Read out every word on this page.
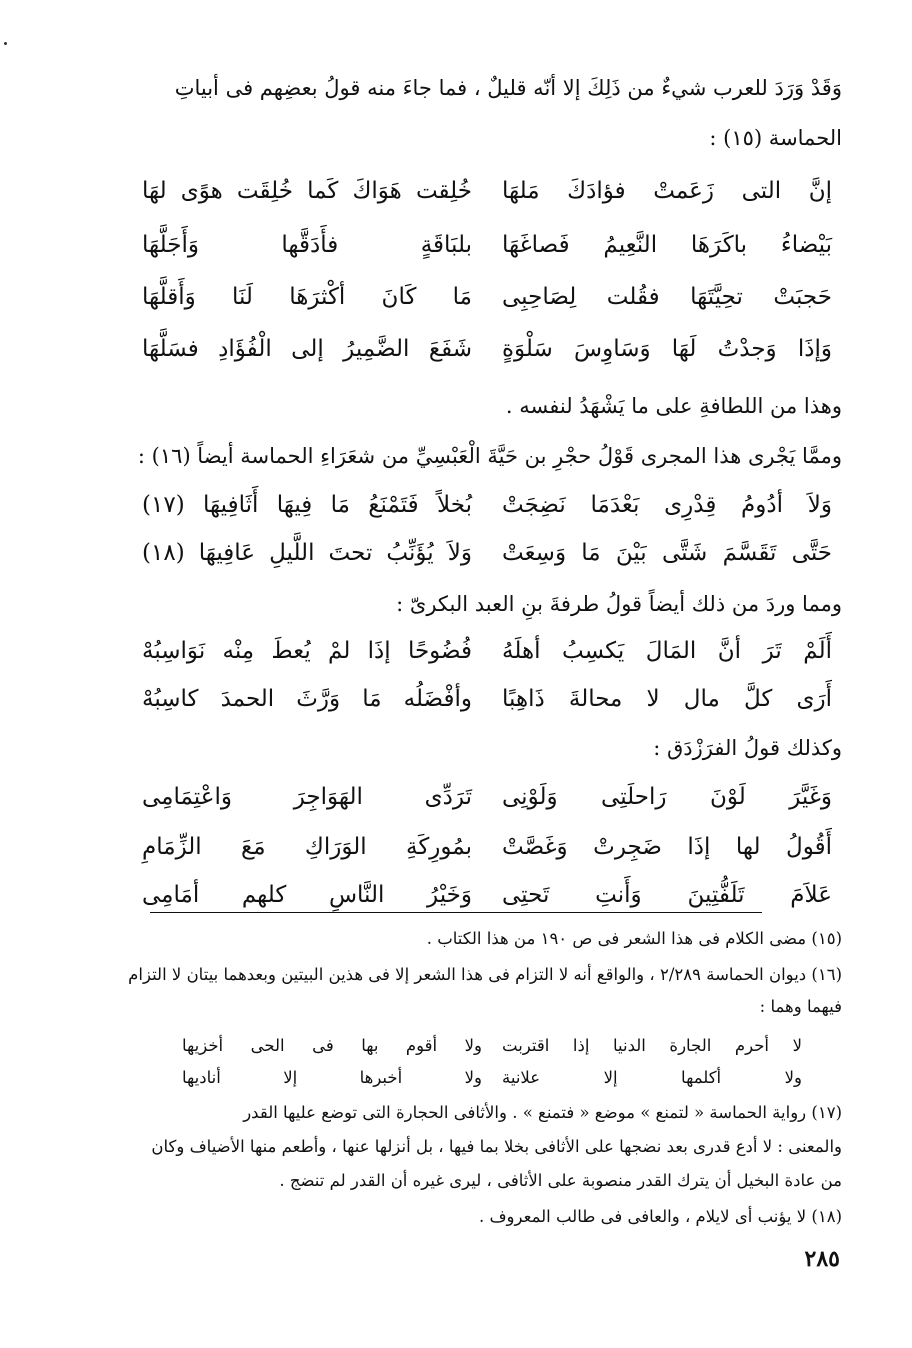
وَقَدْ وَرَدَ للعرب شيءٌ من ذَلِكَ إلا أنّه قليلٌ ، فما جاءَ منه قولُ بعضِهم فى أبياتِ
الحماسة (١٥) :
إنَّ التى زَعَمتْ فؤادَكَ مَلهَا
خُلِقت هَوَاكَ كَما خُلِقَت هوًى لهَا
بَيْضاءُ باكَرَهَا النَّعِيمُ فَصاغَهَا
بلبَاقَةٍ فأَدَقَّها وَأَجَلَّهَا
حَجبَتْ تحِيَّتَهَا فقُلت لِصَاحِبِى
مَا كَانَ أكْثرَهَا لَنَا وَأَقلَّهَا
وَإذَا وَجدْتُ لَهَا وَسَاوِسَ سَلْوَةٍ
شَفَعَ الضَّمِيرُ إلى الْفُؤَادِ فسَلَّهَا
وهذا من اللطافةِ على ما يَشْهَدُ لنفسه .
وممَّا يَجْرى هذا المجرى قَوْلُ حجْرِ بن حَيَّةَ الْعَبْسِيِّ من شعَرَاءِ الحماسة أيضاً (١٦) :
وَلاَ أدُومُ قِدْرِى بَعْدَمَا نَضِجَتْ
بُخلاً فَتَمْنَعُ مَا فِيهَا أَثَافِيهَا (١٧)
حَتَّى تَقَسَّمَ شَتَّى بَيْنَ مَا وَسِعَتْ
وَلاَ يُؤَنِّبُ تحتَ اللَّيلِ عَافِيهَا (١٨)
ومما وردَ من ذلك أيضاً قولُ طرفةَ بنِ العبد البكرىّ :
أَلَمْ تَرَ أنَّ المَالَ يَكسِبُ أهلَهُ
فُضُوحًا إذَا لمْ يُعطَ مِنْه نَوَاسِبُهْ
أَرَى كلَّ مال لا محالةَ ذَاهِبًا
وأفْضَلُه مَا وَرَّثَ الحمدَ كاسِبُهْ
وكذلك قولُ الفرَزْدَق :
وَغَيَّرَ لَوْنَ رَاحلَتِى وَلَوْنِى
تَرَدِّى الهَوَاجِرَ وَاعْتِمَامِى
أَقُولُ لها إذَا ضَجِرتْ وَغَصَّتْ
بمُورِكَةِ الوَرَاكِ مَعَ الزِّمَامِ
عَلاَمَ تَلَفُّتِينَ وَأَنتِ تَحتِى
وَخَيْرُ النَّاسِ كلهم أمَامِى
(١٥) مضى الكلام فى هذا الشعر فى ص ١٩٠ من هذا الكتاب .
(١٦) ديوان الحماسة ٢/٢٨٩ ، والواقع أنه لا التزام فى هذا الشعر إلا فى هذين البيتين وبعدهما بيتان لا التزام
فيهما وهما :
لا أحرم الجارة الدنيا إذا اقتربت
ولا أقوم بها فى الحى أخزيها
ولا أكلمها إلا علانية
ولا أخبرها إلا أناديها
(١٧) رواية الحماسة « لتمنع » موضع « فتمنع » . والأثافى الحجارة التى توضع عليها القدر
والمعنى : لا أدع قدرى بعد نضجها على الأثافى بخلا بما فيها ، بل أنزلها عنها ، وأطعم منها الأضياف وكان
من عادة البخيل أن يترك القدر منصوبة على الأثافى ، ليرى غيره أن القدر لم تنضج .
(١٨) لا يؤنب أى لايلام ، والعافى فى طالب المعروف .
٢٨٥
